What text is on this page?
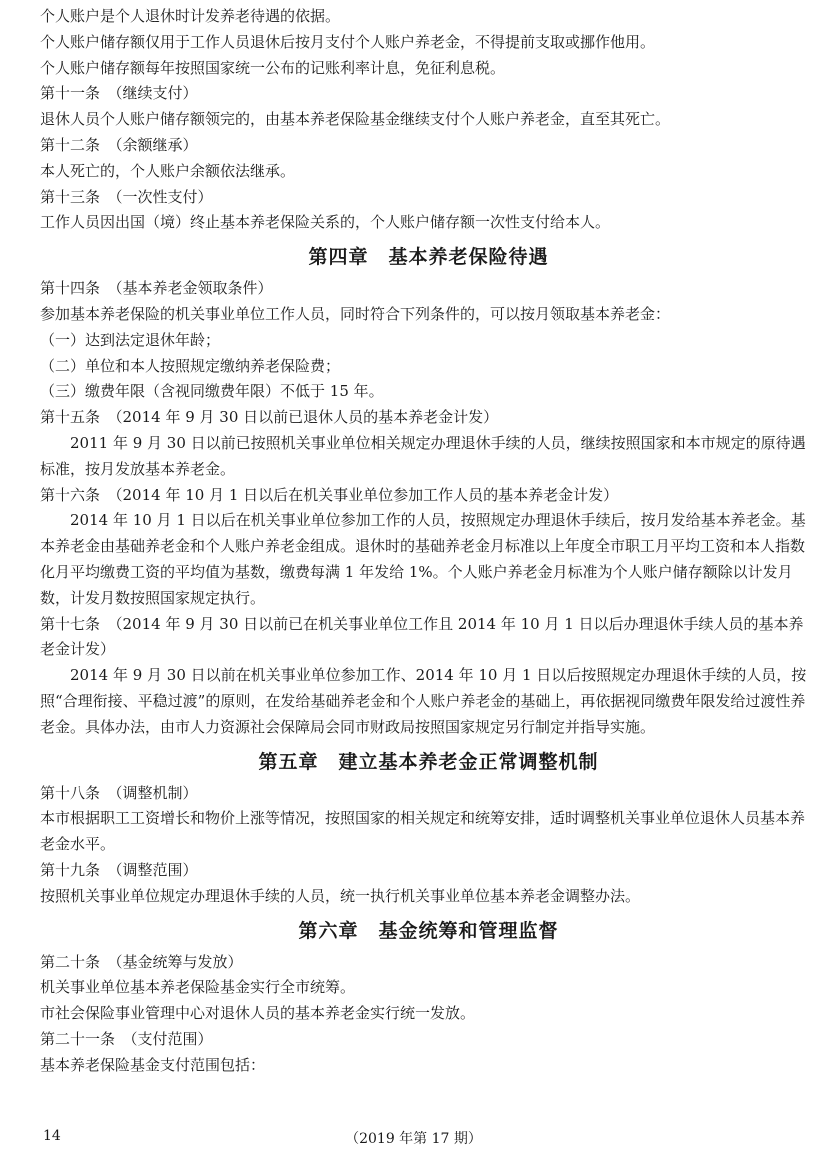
个人账户是个人退休时计发养老待遇的依据。
个人账户储存额仅用于工作人员退休后按月支付个人账户养老金，不得提前支取或挪作他用。
个人账户储存额每年按照国家统一公布的记账利率计息，免征利息税。
第十一条　（继续支付）
退休人员个人账户储存额领完的，由基本养老保险基金继续支付个人账户养老金，直至其死亡。
第十二条　（余额继承）
本人死亡的，个人账户余额依法继承。
第十三条　（一次性支付）
工作人员因出国（境）终止基本养老保险关系的，个人账户储存额一次性支付给本人。
第四章　基本养老保险待遇
第十四条　（基本养老金领取条件）
参加基本养老保险的机关事业单位工作人员，同时符合下列条件的，可以按月领取基本养老金：
（一）达到法定退休年龄；
（二）单位和本人按照规定缴纳养老保险费；
（三）缴费年限（含视同缴费年限）不低于 15 年。
第十五条　（2014 年 9 月 30 日以前已退休人员的基本养老金计发）
2011 年 9 月 30 日以前已按照机关事业单位相关规定办理退休手续的人员，继续按照国家和本市规定的原待遇标准，按月发放基本养老金。
第十六条　（2014 年 10 月 1 日以后在机关事业单位参加工作人员的基本养老金计发）
2014 年 10 月 1 日以后在机关事业单位参加工作的人员，按照规定办理退休手续后，按月发给基本养老金。基本养老金由基础养老金和个人账户养老金组成。退休时的基础养老金月标准以上年度全市职工月平均工资和本人指数化月平均缴费工资的平均值为基数，缴费每满 1 年发给 1%。个人账户养老金月标准为个人账户储存额除以计发月数，计发月数按照国家规定执行。
第十七条　（2014 年 9 月 30 日以前已在机关事业单位工作且 2014 年 10 月 1 日以后办理退休手续人员的基本养老金计发）
2014 年 9 月 30 日以前在机关事业单位参加工作、2014 年 10 月 1 日以后按照规定办理退休手续的人员，按照“合理衔接、平稳过渡”的原则，在发给基础养老金和个人账户养老金的基础上，再依据视同缴费年限发给过渡性养老金。具体办法，由市人力资源社会保障局会同市财政局按照国家规定另行制定并指导实施。
第五章　建立基本养老金正常调整机制
第十八条　（调整机制）
本市根据职工工资增长和物价上涨等情况，按照国家的相关规定和统筹安排，适时调整机关事业单位退休人员基本养老金水平。
第十九条　（调整范围）
按照机关事业单位规定办理退休手续的人员，统一执行机关事业单位基本养老金调整办法。
第六章　基金统筹和管理监督
第二十条　（基金统筹与发放）
机关事业单位基本养老保险基金实行全市统筹。
市社会保险事业管理中心对退休人员的基本养老金实行统一发放。
第二十一条　（支付范围）
基本养老保险基金支付范围包括：
14	（2019 年第 17 期）
